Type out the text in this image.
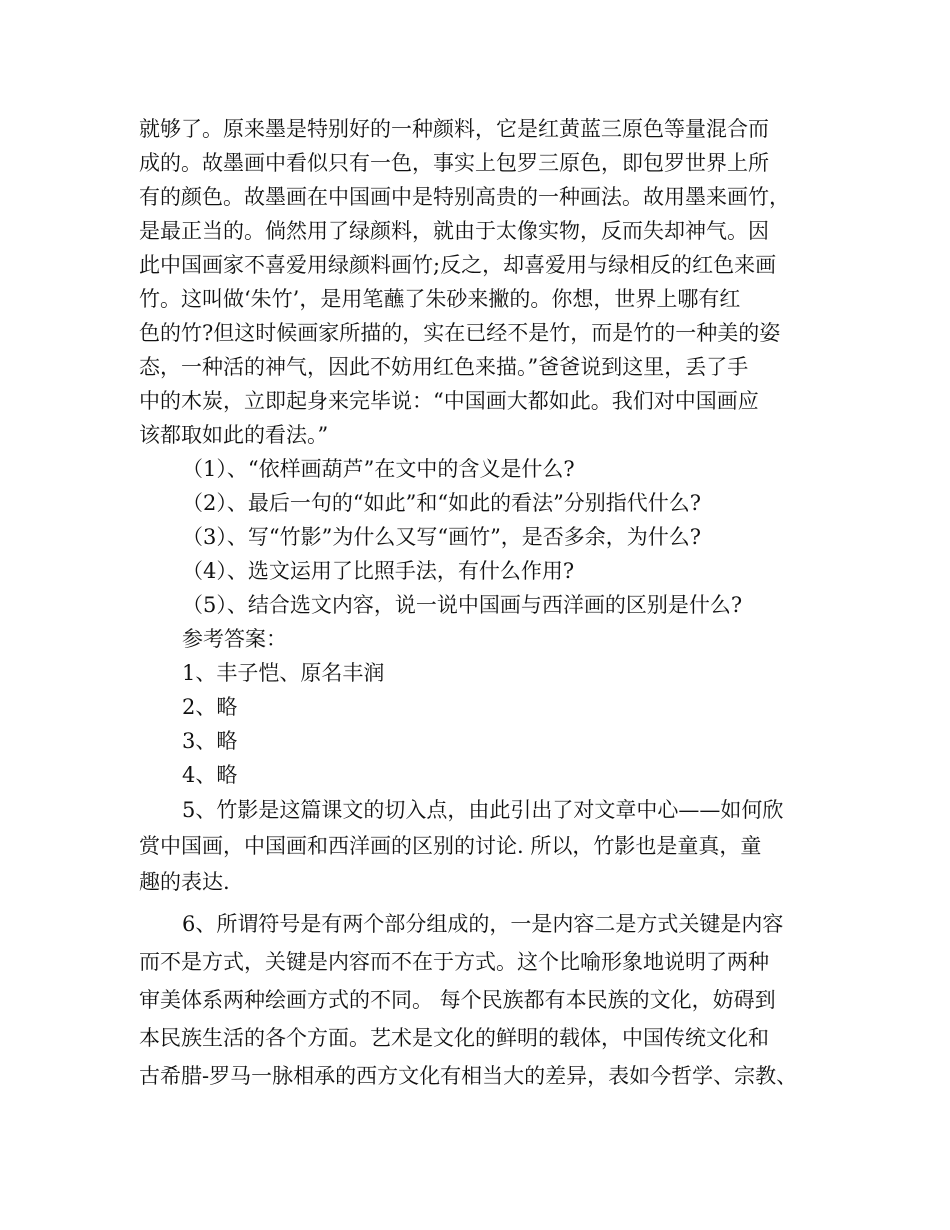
就够了。原来墨是特别好的一种颜料，它是红黄蓝三原色等量混合而
成的。故墨画中看似只有一色，事实上包罗三原色，即包罗世界上所
有的颜色。故墨画在中国画中是特别高贵的一种画法。故用墨来画竹，
是最正当的。倘然用了绿颜料，就由于太像实物，反而失却神气。因
此中国画家不喜爱用绿颜料画竹;反之，却喜爱用与绿相反的红色来画
竹。这叫做‘朱竹’，是用笔蘸了朱砂来撇的。你想，世界上哪有红
色的竹?但这时候画家所描的，实在已经不是竹，而是竹的一种美的姿
态，一种活的神气，因此不妨用红色来描。”爸爸说到这里，丢了手
中的木炭，立即起身来完毕说：“中国画大都如此。我们对中国画应
该都取如此的看法。”
（1）、“依样画葫芦”在文中的含义是什么?
（2）、最后一句的“如此”和“如此的看法”分别指代什么?
（3）、写“竹影”为什么又写“画竹”，是否多余，为什么?
（4）、选文运用了比照手法，有什么作用?
（5）、结合选文内容，说一说中国画与西洋画的区别是什么?
参考答案：
1、丰子恺、原名丰润
2、略
3、略
4、略
5、竹影是这篇课文的切入点，由此引出了对文章中心——如何欣
赏中国画，中国画和西洋画的区别的讨论. 所以，竹影也是童真，童
趣的表达.
6、所谓符号是有两个部分组成的，一是内容二是方式关键是内容
而不是方式，关键是内容而不在于方式。这个比喻形象地说明了两种
审美体系两种绘画方式的不同。 每个民族都有本民族的文化，妨碍到
本民族生活的各个方面。艺术是文化的鲜明的载体，中国传统文化和
古希腊-罗马一脉相承的西方文化有相当大的差异，表如今哲学、宗教、
